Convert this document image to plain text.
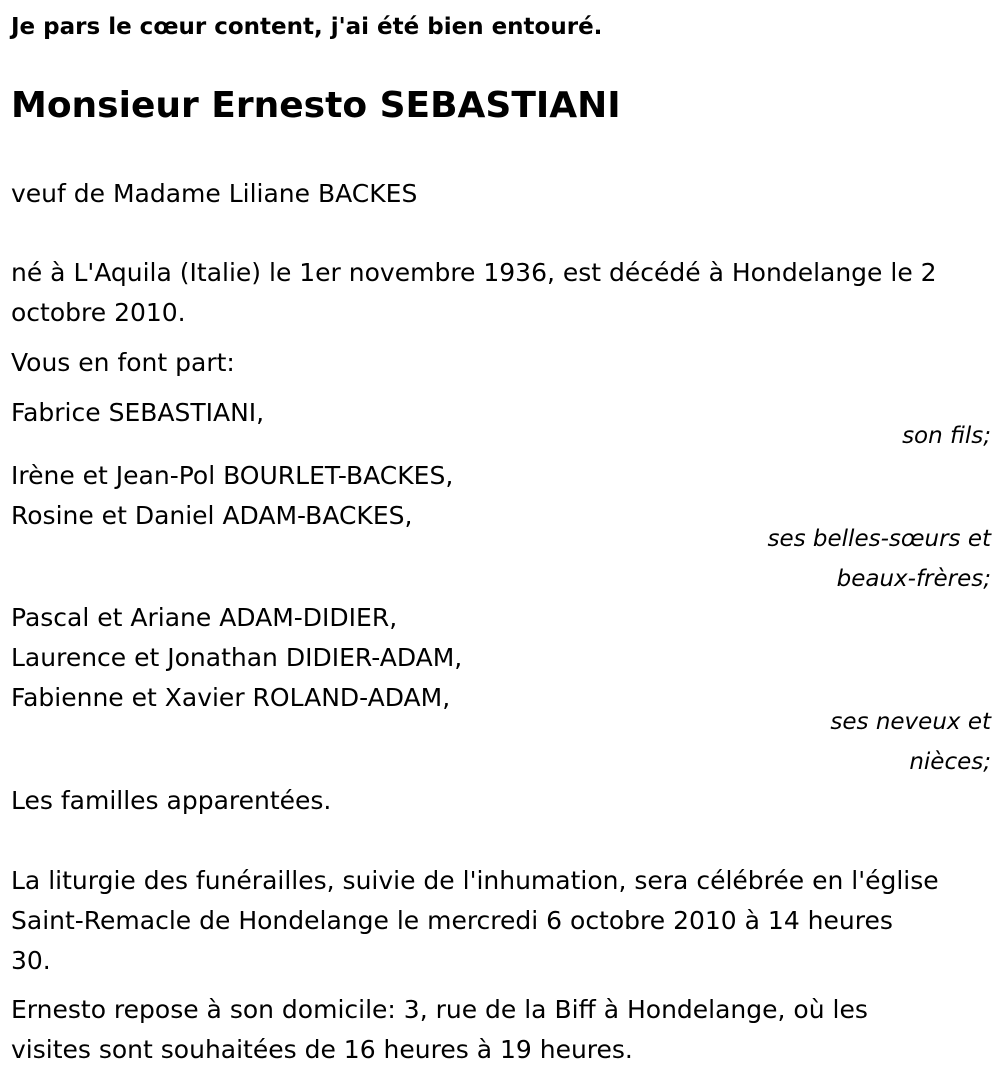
Je pars le cœur content, j'ai été bien entouré.
Monsieur Ernesto SEBASTIANI
veuf de Madame Liliane BACKES
né à L'Aquila (Italie) le 1er novembre 1936, est décédé à Hondelange le 2
octobre 2010.
Vous en font part:
Fabrice SEBASTIANI,
son fils;
Irène et Jean-Pol BOURLET-BACKES,
Rosine et Daniel ADAM-BACKES,
ses belles-sœurs et
beaux-frères;
Pascal et Ariane ADAM-DIDIER,
Laurence et Jonathan DIDIER-ADAM,
Fabienne et Xavier ROLAND-ADAM,
ses neveux et
nièces;
Les familles apparentées.
La liturgie des funérailles, suivie de l'inhumation, sera célébrée en l'église
Saint-Remacle de Hondelange le mercredi 6 octobre 2010 à 14 heures
30.
Ernesto repose à son domicile: 3, rue de la Biff à Hondelange, où les
visites sont souhaitées de 16 heures à 19 heures.
